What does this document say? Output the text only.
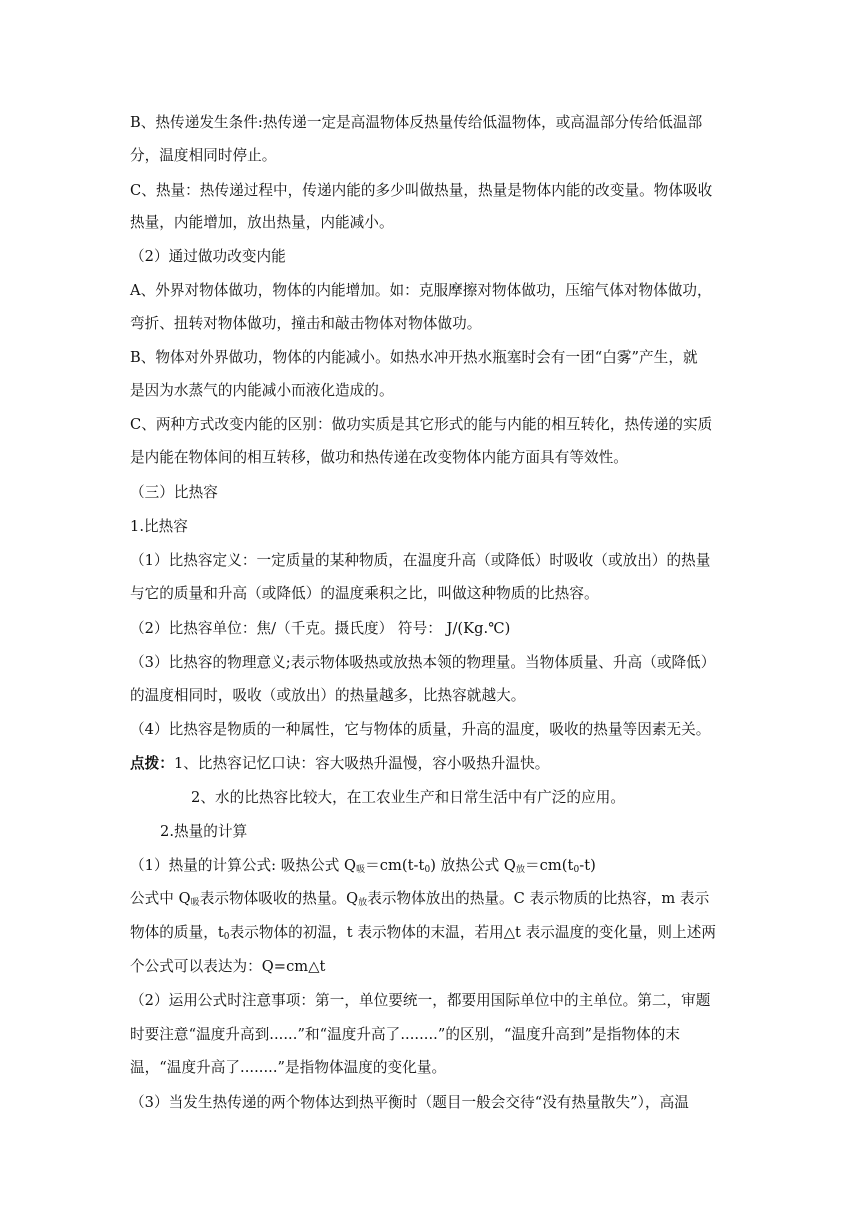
B、热传递发生条件:热传递一定是高温物体反热量传给低温物体，或高温部分传给低温部
分，温度相同时停止。
C、热量：热传递过程中，传递内能的多少叫做热量，热量是物体内能的改变量。物体吸收
热量，内能增加，放出热量，内能减小。
（2）通过做功改变内能
A、外界对物体做功，物体的内能增加。如：克服摩擦对物体做功，压缩气体对物体做功，
弯折、扭转对物体做功，撞击和敲击物体对物体做功。
B、物体对外界做功，物体的内能减小。如热水冲开热水瓶塞时会有一团“白雾”产生，就
是因为水蒸气的内能减小而液化造成的。
C、两种方式改变内能的区别：做功实质是其它形式的能与内能的相互转化，热传递的实质
是内能在物体间的相互转移，做功和热传递在改变物体内能方面具有等效性。
（三）比热容
1.比热容
（1）比热容定义：一定质量的某种物质，在温度升高（或降低）时吸收（或放出）的热量
与它的质量和升高（或降低）的温度乘积之比，叫做这种物质的比热容。
（2）比热容单位：焦/（千克。摄氏度） 符号： J/(Kg.℃)
（3）比热容的物理意义;表示物体吸热或放热本领的物理量。当物体质量、升高（或降低）
的温度相同时，吸收（或放出）的热量越多，比热容就越大。
（4）比热容是物质的一种属性，它与物体的质量，升高的温度，吸收的热量等因素无关。
点拨：1、比热容记忆口诀：容大吸热升温慢，容小吸热升温快。
2、水的比热容比较大，在工农业生产和日常生活中有广泛的应用。
2.热量的计算
（1）热量的计算公式: 吸热公式 $Q_吸=cm(t-t_0)$ 放热公式 $Q_放=cm(t_0-t)$
公式中 $Q_吸$表示物体吸收的热量。$Q_放$表示物体放出的热量。C 表示物质的比热容，m 表示
物体的质量，$t_0$表示物体的初温，t 表示物体的末温，若用△t 表示温度的变化量，则上述两
个公式可以表达为：Q=cm△t
（2）运用公式时注意事项：第一，单位要统一，都要用国际单位中的主单位。第二，审题
时要注意“温度升高到......”和“温度升高了........”的区别，“温度升高到”是指物体的末
温，“温度升高了........”是指物体温度的变化量。
（3）当发生热传递的两个物体达到热平衡时（题目一般会交待“没有热量散失”），高温
